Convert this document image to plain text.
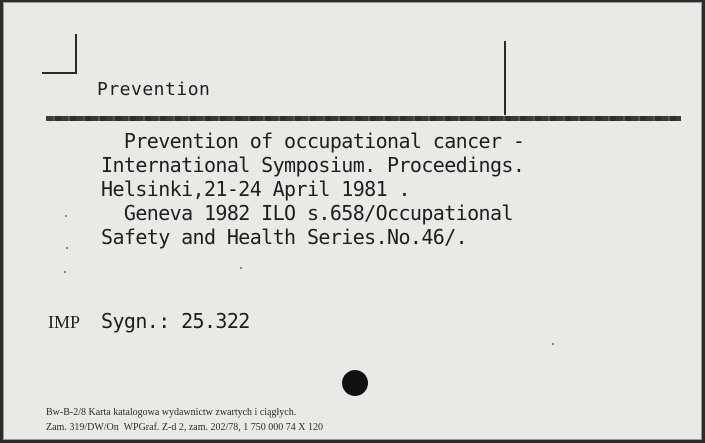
Prevention
Prevention of occupational cancer -
International Symposium. Proceedings.
Helsinki,21-24 April 1981 .
Geneva 1982 ILO s.658/Occupational
Safety and Health Series.No.46/.
IMP Sygn.: 25.322
Bw-B-2/8 Karta katalogowa wydawnictw zwartych i ciągłych.
Zam. 319/DW/On  WPGraf. Z-d 2, zam. 202/78, 1 750 000 74 X 120
